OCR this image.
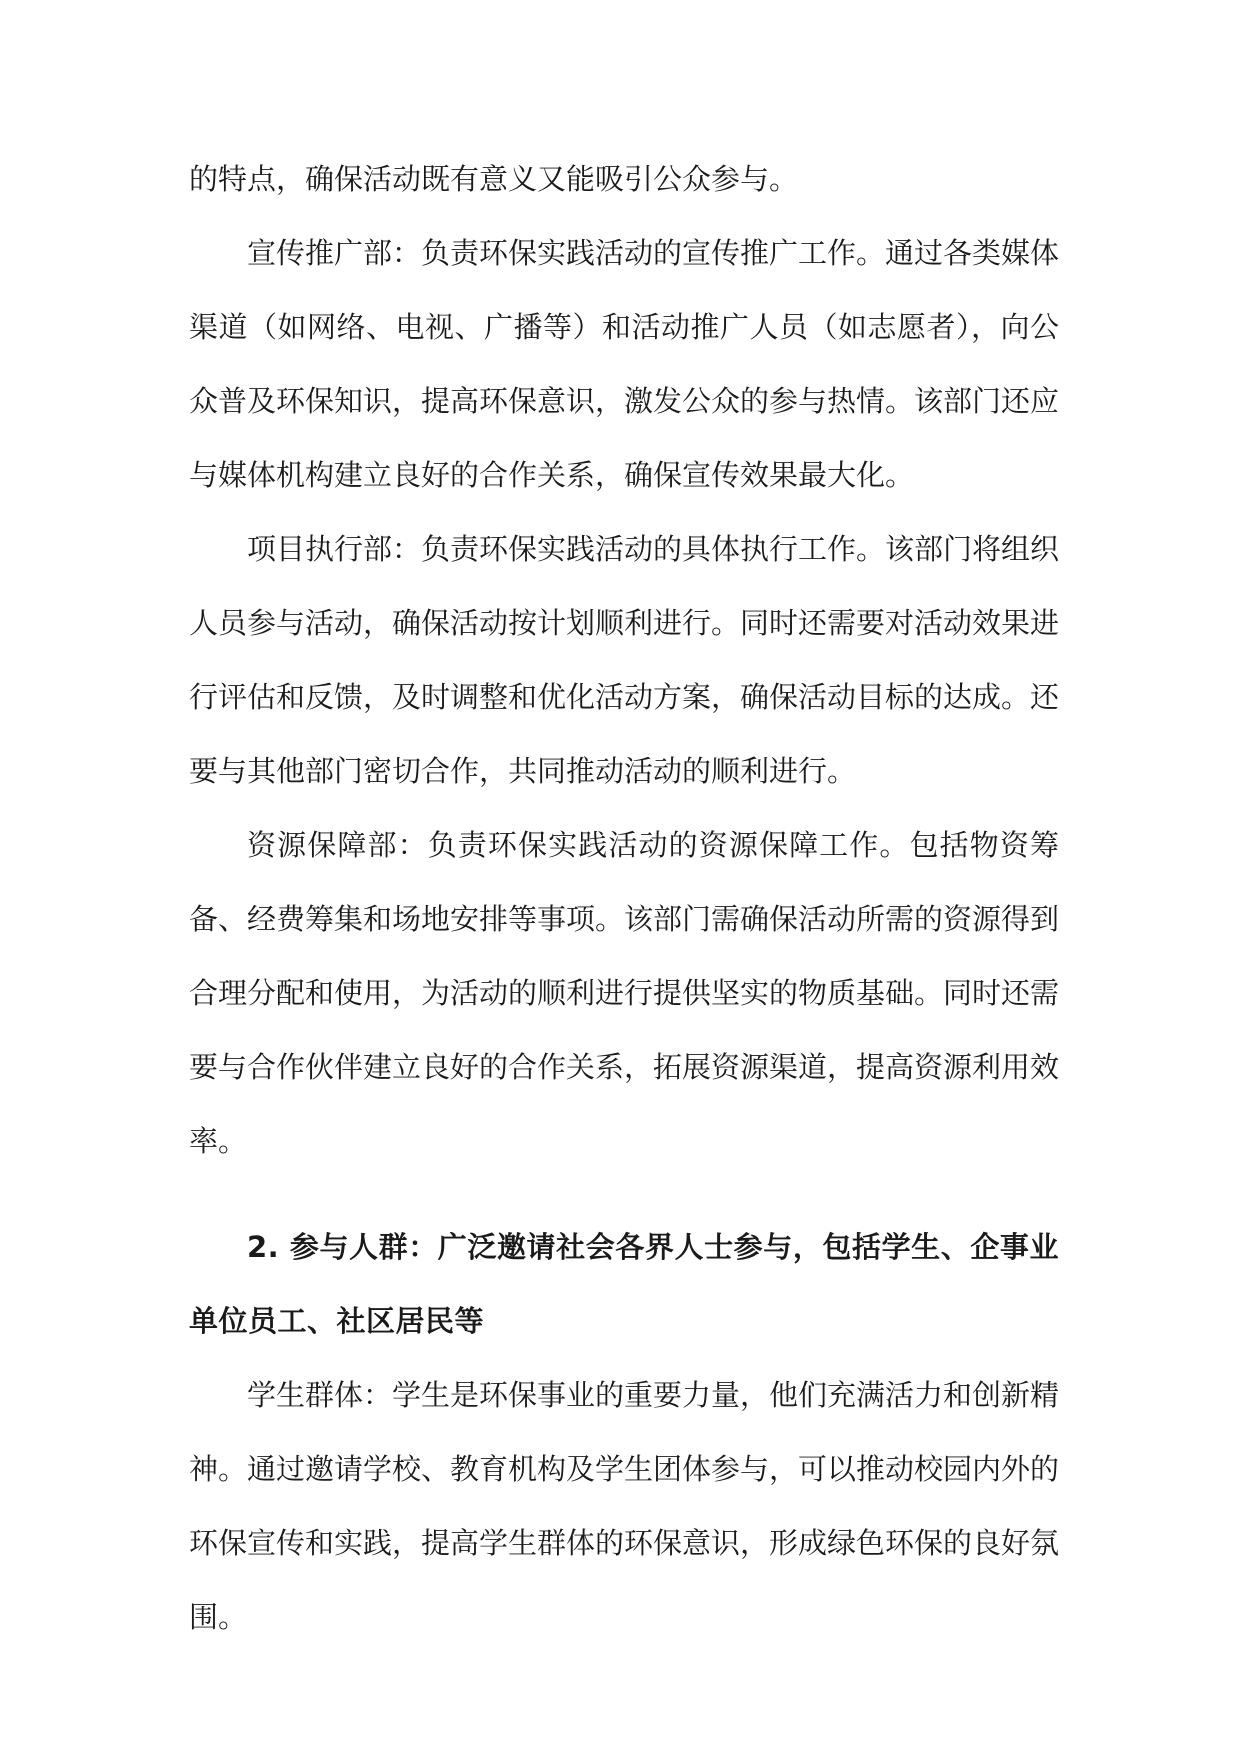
的特点，确保活动既有意义又能吸引公众参与。

宣传推广部：负责环保实践活动的宣传推广工作。通过各类媒体渠道（如网络、电视、广播等）和活动推广人员（如志愿者），向公众普及环保知识，提高环保意识，激发公众的参与热情。该部门还应与媒体机构建立良好的合作关系，确保宣传效果最大化。

项目执行部：负责环保实践活动的具体执行工作。该部门将组织人员参与活动，确保活动按计划顺利进行。同时还需要对活动效果进行评估和反馈，及时调整和优化活动方案，确保活动目标的达成。还要与其他部门密切合作，共同推动活动的顺利进行。

资源保障部：负责环保实践活动的资源保障工作。包括物资筹备、经费筹集和场地安排等事项。该部门需确保活动所需的资源得到合理分配和使用，为活动的顺利进行提供坚实的物质基础。同时还需要与合作伙伴建立良好的合作关系，拓展资源渠道，提高资源利用效率。

2. 参与人群：广泛邀请社会各界人士参与，包括学生、企事业单位员工、社区居民等

学生群体：学生是环保事业的重要力量，他们充满活力和创新精神。通过邀请学校、教育机构及学生团体参与，可以推动校园内外的环保宣传和实践，提高学生群体的环保意识，形成绿色环保的良好氛围。
